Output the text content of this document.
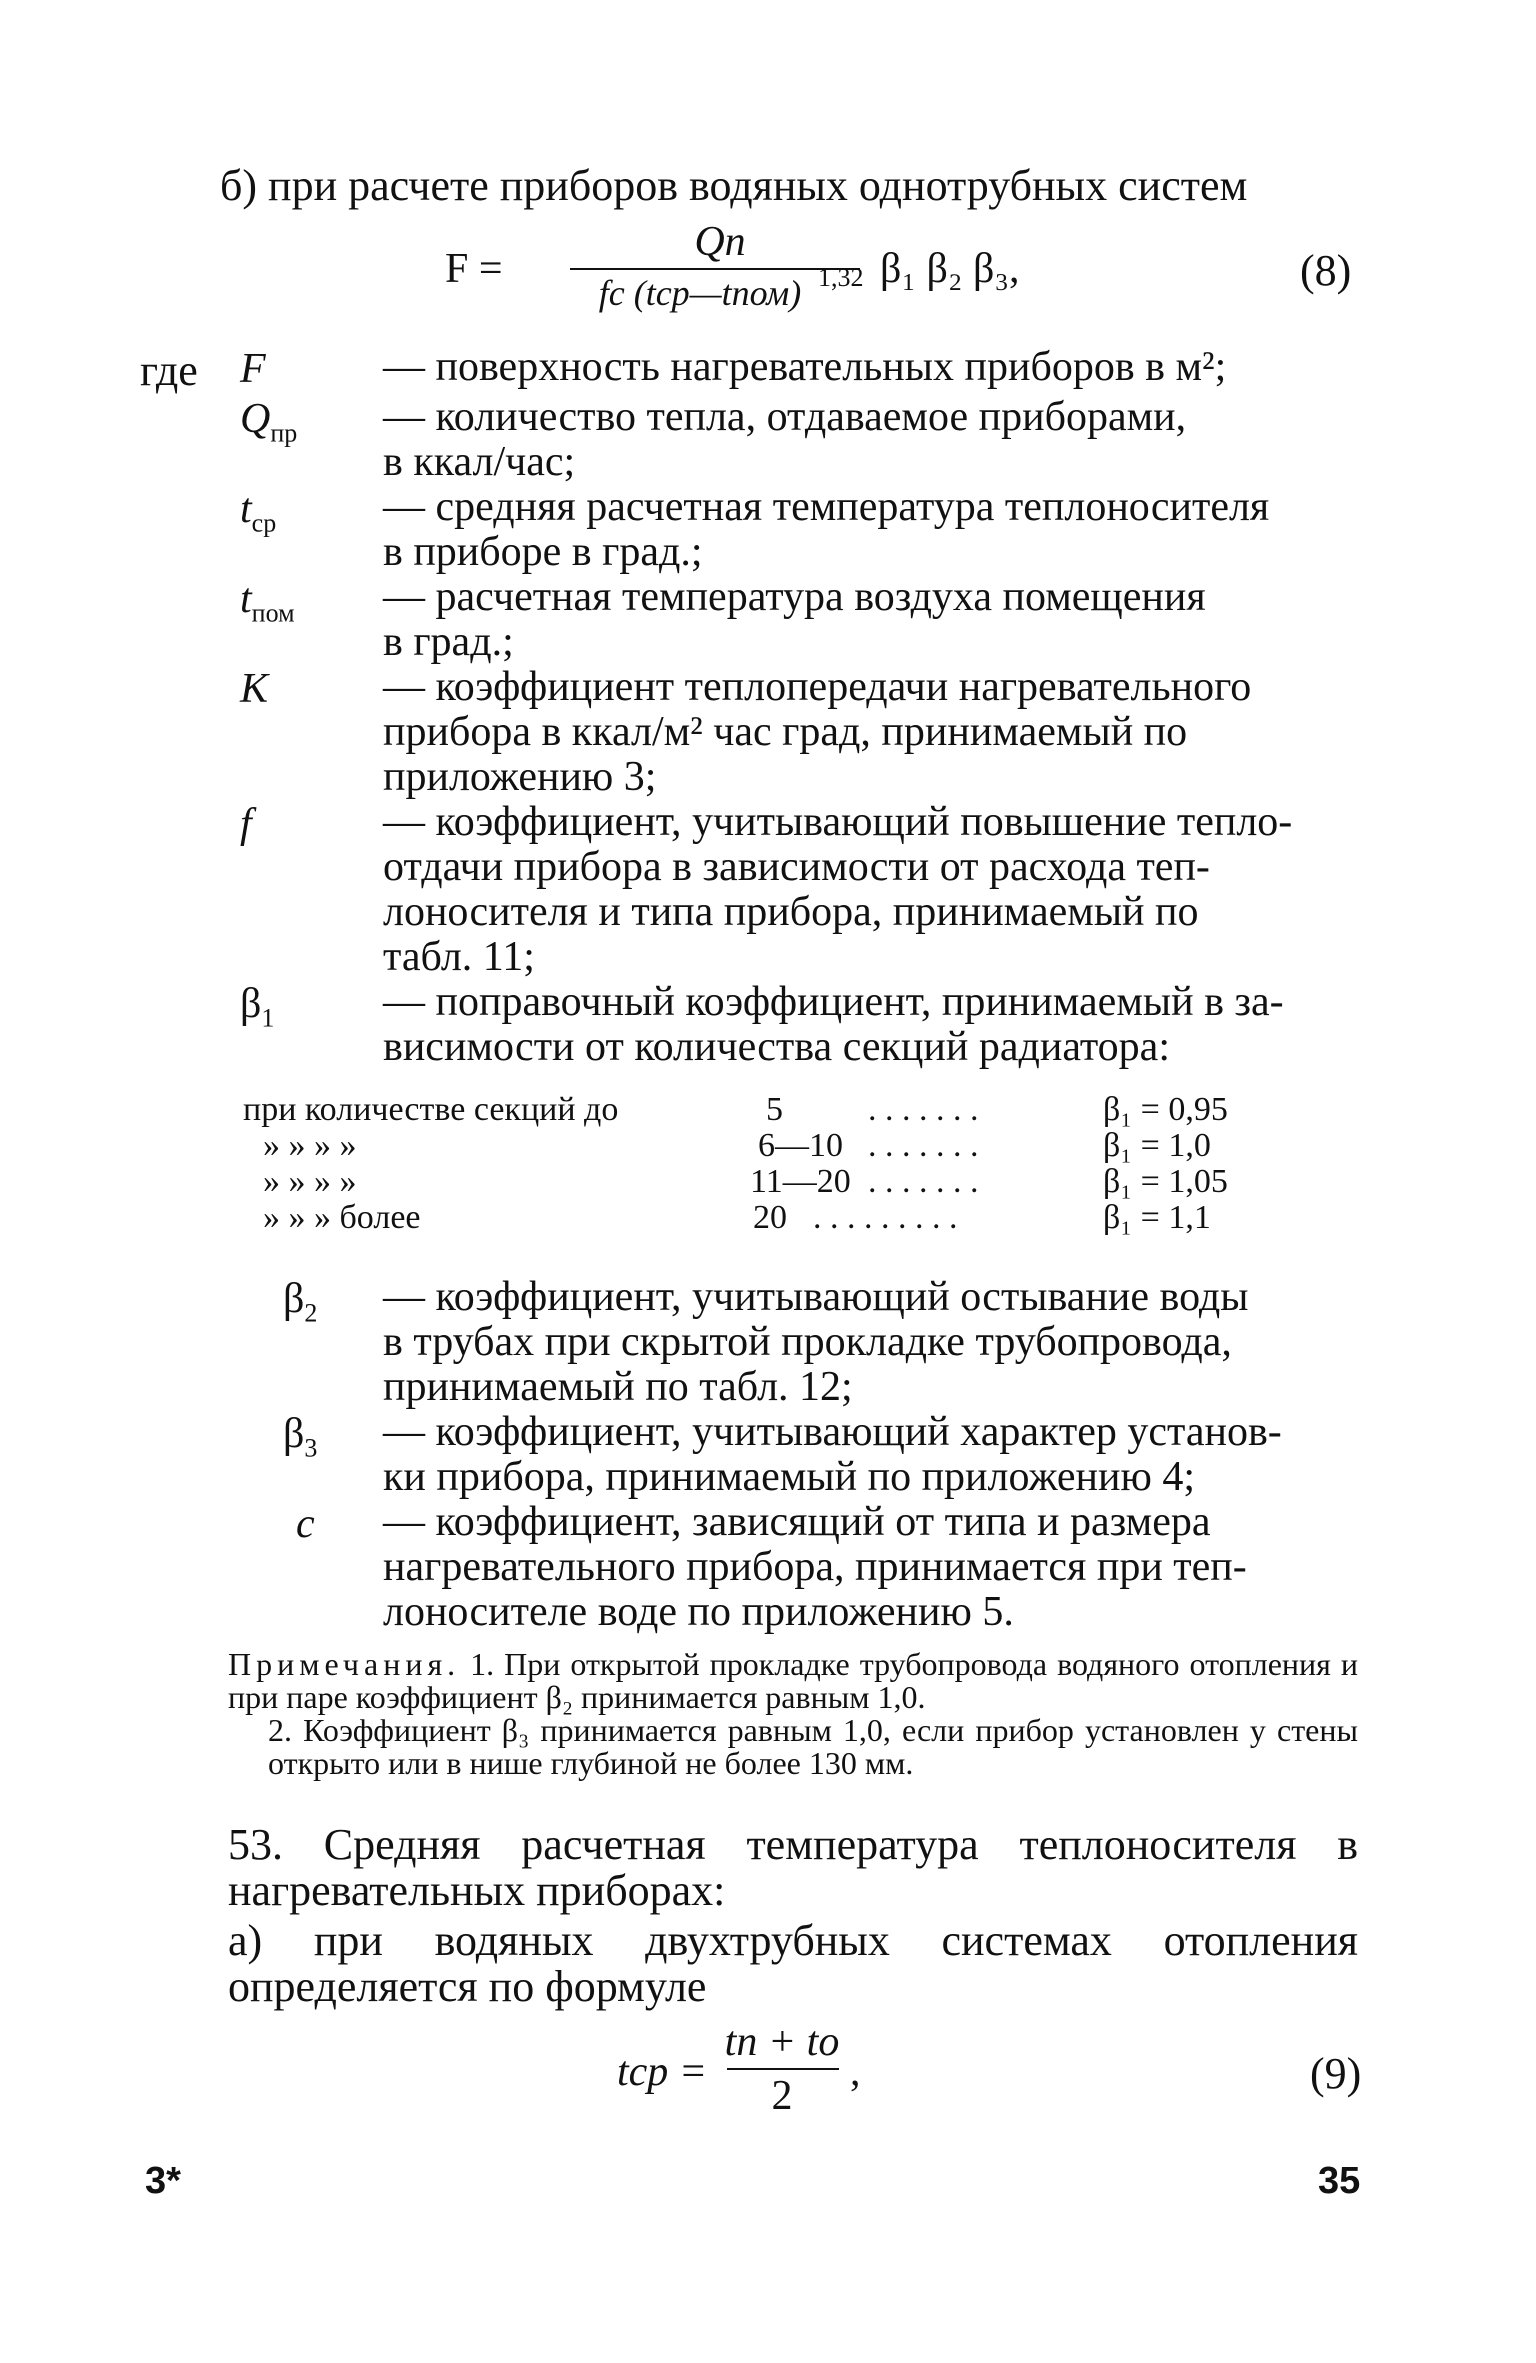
б) при расчете приборов водяных однотрубных систем
F =
Qп
fc (tср—tпом) 1,32 β₁ β₂ β₃,	(8)
где F	— поверхность нагревательных приборов в м²;
$Q_{пр}$ — количество тепла, отдаваемое приборами,
в ккал/час;
$t_{ср}$	— средняя расчетная температура теплоносителя
в приборе в град.;
$t_{пом}$ — расчетная температура воздуха помещения
в град.;
K	— коэффициент теплопередачи нагревательного
прибора в ккал/м² час град, принимаемый по
приложению 3;
f	— коэффициент, учитывающий повышение тепло-
отдачи прибора в зависимости от расхода теп-
лоносителя и типа прибора, принимаемый по
табл. 11;
$\beta_1$	— поправочный коэффициент, принимаемый в за-
висимости от количества секций радиатора:
при количестве секций до	5	. . . . . . .	β₁ = 0,95
» » » »	6—10 . . . . . . .	β₁ = 1,0
» » » »	11—20 . . . . . . .	β₁ = 1,05
» » » более	20 . . . . . . . . .	β₁ = 1,1
$\beta_2$ — коэффициент, учитывающий остывание воды
в трубах при скрытой прокладке трубопровода,
принимаемый по табл. 12;
$\beta_3$ — коэффициент, учитывающий характер установ-
ки прибора, принимаемый по приложению 4;
c — коэффициент, зависящий от типа и размера
нагревательного прибора, принимается при теп-
лоносителе воде по приложению 5.
Примечания. 1. При открытой прокладке трубопровода водяного отопления и при паре коэффициент β₂ принимается равным 1,0.
2. Коэффициент β₃ принимается равным 1,0, если прибор установлен у стены открыто или в нише глубиной не более 130 мм.
53. Средняя расчетная температура теплоносителя в нагревательных приборах:
а) при водяных двухтрубных системах отопления определяется по формуле
tср =
tп + tо
2
,	(9)
3*	35
